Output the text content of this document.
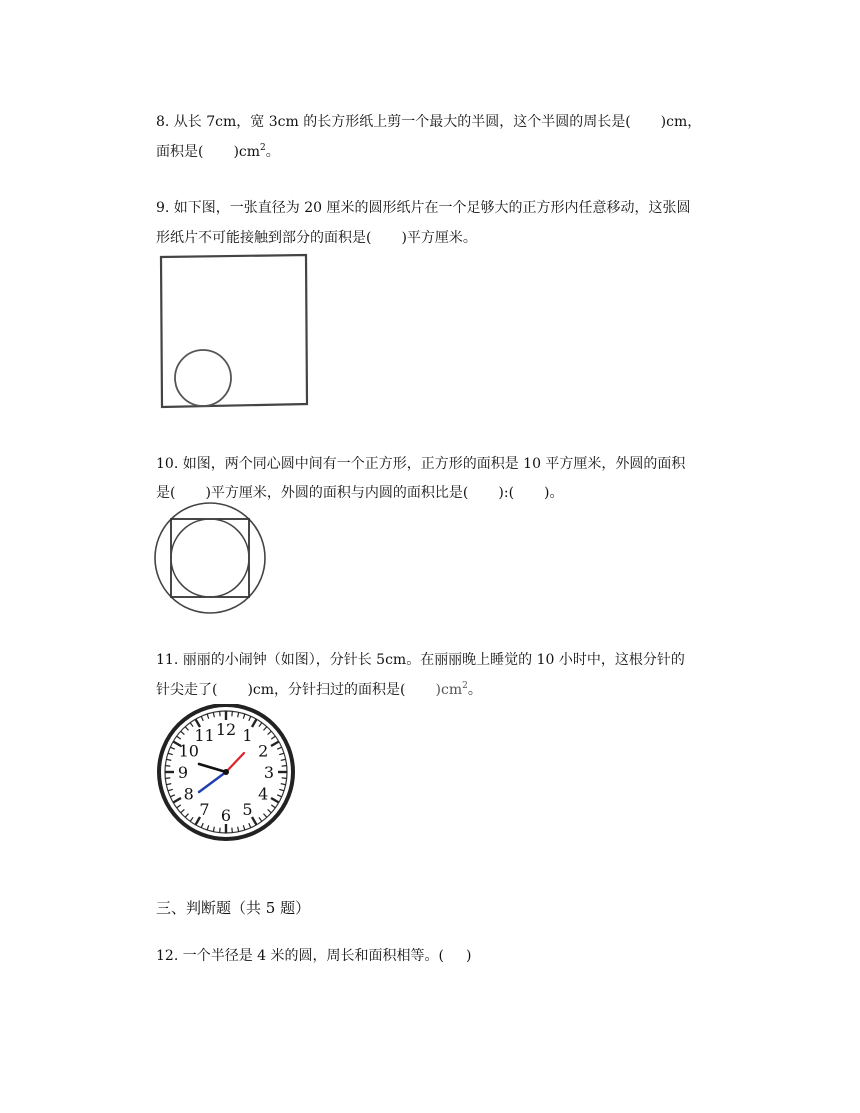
8. 从长 7cm，宽 3cm 的长方形纸上剪一个最大的半圆，这个半圆的周长是( )cm，
面积是( )$cm^2$。
9. 如下图，一张直径为 20 厘米的圆形纸片在一个足够大的正方形内任意移动，这张圆
形纸片不可能接触到部分的面积是( )平方厘米。
10. 如图，两个同心圆中间有一个正方形，正方形的面积是 10 平方厘米，外圆的面积
是( )平方厘米，外圆的面积与内圆的面积比是( ):( )。
11. 丽丽的小闹钟（如图），分针长 5cm。在丽丽晚上睡觉的 10 小时中，这根分针的
针尖走了( )cm，分针扫过的面积是( )$cm^2$。
12 1
2
3
4
5
6
7
8
9
10
11
三、判断题（共 5 题）
12. 一个半径是 4 米的圆，周长和面积相等。( )
